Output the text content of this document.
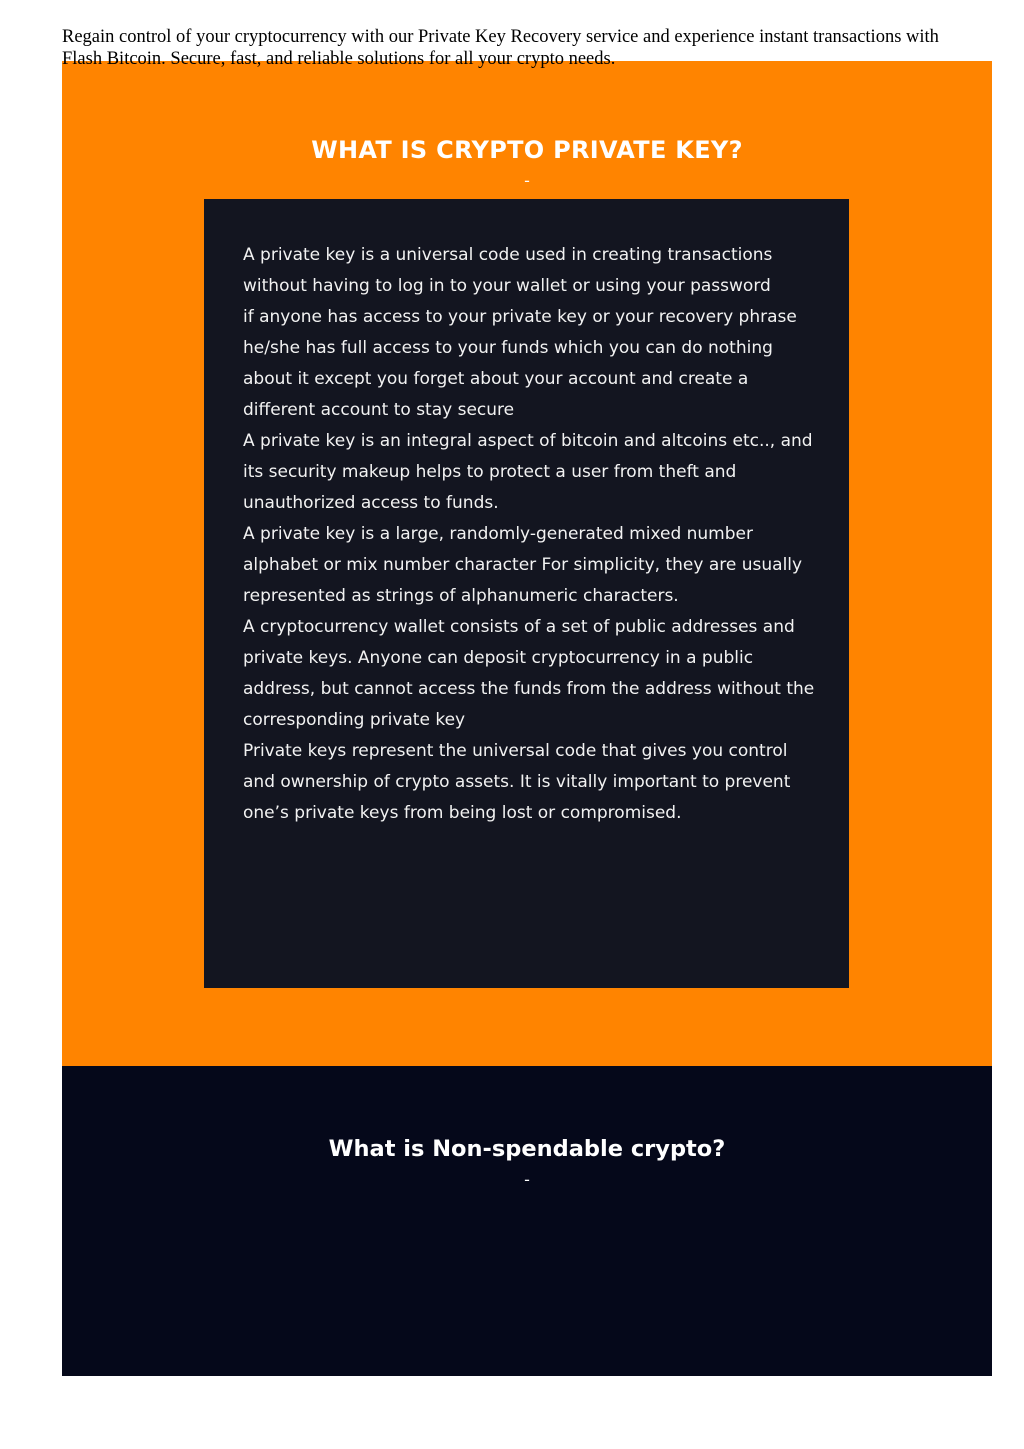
Regain control of your cryptocurrency with our Private Key Recovery service and experience instant transactions with Flash Bitcoin. Secure, fast, and reliable solutions for all your crypto needs.

WHAT IS CRYPTO PRIVATE KEY?
-

A private key is a universal code used in creating transactions without having to log in to your wallet or using your password

if anyone has access to your private key or your recovery phrase he/she has full access to your funds which you can do nothing about it except you forget about your account and create a different account to stay secure

A private key is an integral aspect of bitcoin and altcoins etc.., and its security makeup helps to protect a user from theft and unauthorized access to funds.

A private key is a large, randomly-generated mixed number alphabet or mix number character For simplicity, they are usually represented as strings of alphanumeric characters.

A cryptocurrency wallet consists of a set of public addresses and private keys. Anyone can deposit cryptocurrency in a public address, but cannot access the funds from the address without the corresponding private key

Private keys represent the universal code that gives you control and ownership of crypto assets. It is vitally important to prevent one’s private keys from being lost or compromised.

What is Non-spendable crypto?
-
